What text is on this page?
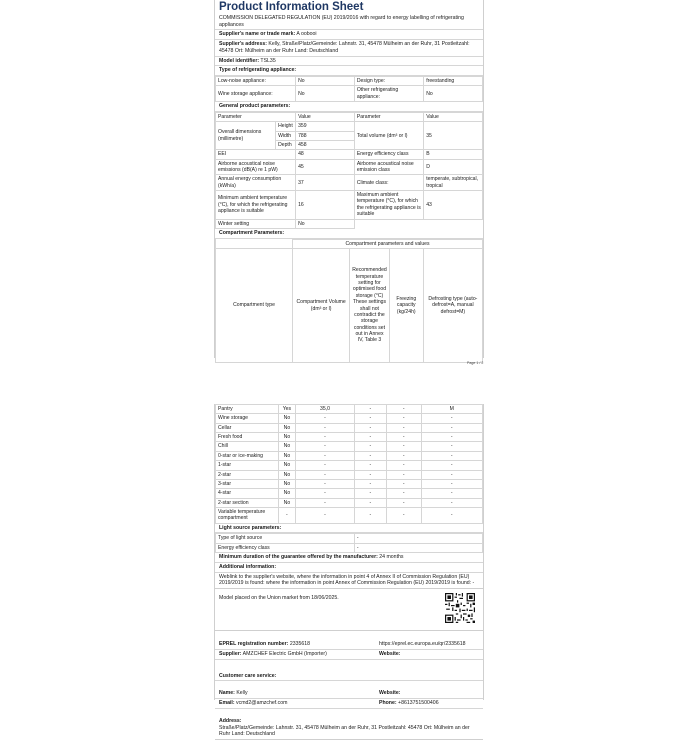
Product Information Sheet
COMMISSION DELEGATED REGULATION (EU) 2019/2016 with regard to energy labelling of refrigerating appliances
Supplier's name or trade mark: A oobooi
Supplier's address: Kelly, Straße/Platz/Gemeinde: Lahnstr. 31, 45478 Mülheim an der Ruhr, 31 Postleitzahl: 45478 Ort: Mülheim an der Ruhr Land: Deutschland
Model identifier: TSL35
Type of refrigerating appliance:
Low-noise appliance:	No	Design type:	freestanding
Wine storage appliance:	No	Other refrigerating appliance:	No
General product parameters:
Parameter		Value	Parameter	Value
Overall dimensions (millimetre)	Height	359	Total volume (dm³ or l)	35
	Width	788		
	Depth	458		
EEI		48	Energy efficiency class	B
Airborne acoustical noise emissions (dB(A) re 1 pW)		45	Airborne acoustical noise emission class	D
Annual energy consumption (kWh/a)		37	Climate class:	temperate, subtropical, tropical
Minimum ambient temperature (°C), for which the refrigerating appliance is suitable		16	Maximum ambient temperature (°C), for which the refrigerating appliance is suitable	43
Winter setting		No		
Compartment Parameters:
	Compartment parameters and values			
Compartment type	Compartment Volume (dm³ or l)	Recommended temperature setting for optimised food storage (°C) These settings shall not contradict the storage conditions set out in Annex IV, Table 3	Freezing capacity (kg/24h)	Defrosting type (auto-defrost=A, manual defrost=M)
Page 1 / 2
Pantry	Yes	35,0	-	-	M
Wine storage	No	-	-	-	-
Cellar	No	-	-	-	-
Fresh food	No	-	-	-	-
Chill	No	-	-	-	-
0-star or ice-making	No	-	-	-	-
1-star	No	-	-	-	-
2-star	No	-	-	-	-
3-star	No	-	-	-	-
4-star	No	-	-	-	-
2-star section	No	-	-	-	-
Variable temperature compartment	-	-	-	-	-
Light source parameters:
Type of light source	-
Energy efficiency class	-
Minimum duration of the guarantee offered by the manufacturer: 24 months
Additional information:
Weblink to the supplier's website, where the information in point 4 of Annex II of Commission Regulation (EU) 2019/2019 is found: where the information in point Annex of Commission Regulation (EU) 2019/2019 is found: -
Model placed on the Union market from 18/06/2025.
EPREL registration number: 2335618	https://eprel.ec.europa.eu/qr/2335618
Supplier: AMZCHEF Electric GmbH (Importer)	Website:
Customer care service:
Name: Kelly	Website:
Email: vcmd2@amzchef.com	Phone: +8613751500406
Address:
Straße/Platz/Gemeinde: Lahnstr. 31, 45478 Mülheim an der Ruhr, 31 Postleitzahl: 45478 Ort: Mülheim an der Ruhr Land: Deutschland
